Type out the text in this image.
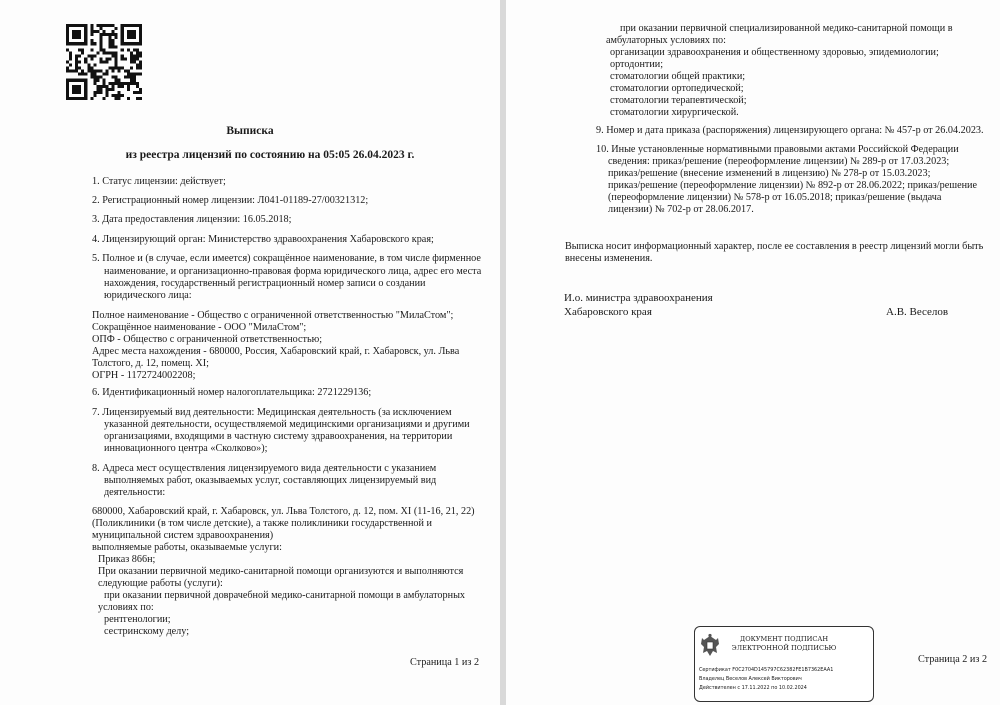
Выписка
из реестра лицензий по состоянию на 05:05 26.04.2023 г.
1. Статус лицензии: действует;
2. Регистрационный номер лицензии: Л041-01189-27/00321312;
3. Дата предоставления лицензии: 16.05.2018;
4. Лицензирующий орган: Министерство здравоохранения Хабаровского края;
5. Полное и (в случае, если имеется) сокращённое наименование, в том числе фирменное
наименование, и организационно-правовая форма юридического лица, адрес его места
нахождения, государственный регистрационный номер записи о создании
юридического лица:
Полное наименование - Общество с ограниченной ответственностью "МилаСтом";
Сокращённое наименование - ООО "МилаСтом";
ОПФ - Общество с ограниченной ответственностью;
Адрес места нахождения - 680000, Россия, Хабаровский край, г. Хабаровск, ул. Льва
Толстого, д. 12, помещ. XI;
ОГРН - 1172724002208;
6. Идентификационный номер налогоплательщика: 2721229136;
7. Лицензируемый вид деятельности: Медицинская деятельность (за исключением
указанной деятельности, осуществляемой медицинскими организациями и другими
организациями, входящими в частную систему здравоохранения, на территории
инновационного центра «Сколково»);
8. Адреса мест осуществления лицензируемого вида деятельности с указанием
выполняемых работ, оказываемых услуг, составляющих лицензируемый вид
деятельности:
680000, Хабаровский край, г. Хабаровск, ул. Льва Толстого, д. 12, пом. XI (11-16, 21, 22)
(Поликлиники (в том числе детские), а также поликлиники государственной и
муниципальной систем здравоохранения)
выполняемые работы, оказываемые услуги:
Приказ 866н;
При оказании первичной медико-санитарной помощи организуются и выполняются
следующие работы (услуги):
при оказании первичной доврачебной медико-санитарной помощи в амбулаторных
условиях по:
рентгенологии;
сестринскому делу;
Страница 1 из 2
при оказании первичной специализированной медико-санитарной помощи в
амбулаторных условиях по:
организации здравоохранения и общественному здоровью, эпидемиологии;
ортодонтии;
стоматологии общей практики;
стоматологии ортопедической;
стоматологии терапевтической;
стоматологии хирургической.
9. Номер и дата приказа (распоряжения) лицензирующего органа: № 457-р от 26.04.2023.
10. Иные установленные нормативными правовыми актами Российской Федерации
сведения: приказ/решение (переоформление лицензии) № 289-р от 17.03.2023;
приказ/решение (внесение изменений в лицензию) № 278-р от 15.03.2023;
приказ/решение (переоформление лицензии) № 892-р от 28.06.2022; приказ/решение
(переоформление лицензии) № 578-р от 16.05.2018; приказ/решение (выдача
лицензии) № 702-р от 28.06.2017.
Выписка носит информационный характер, после ее составления в реестр лицензий могли быть
внесены изменения.
И.о. министра здравоохранения
Хабаровского края	А.В. Веселов
ДОКУМЕНТ ПОДПИСАН
ЭЛЕКТРОННОЙ ПОДПИСЬЮ
Сертификат F0C2704D145797C62382FE1B7362EAA1
Владелец Веселов Алексей Викторович
Действителен с 17.11.2022 по 10.02.2024
Страница 2 из 2
